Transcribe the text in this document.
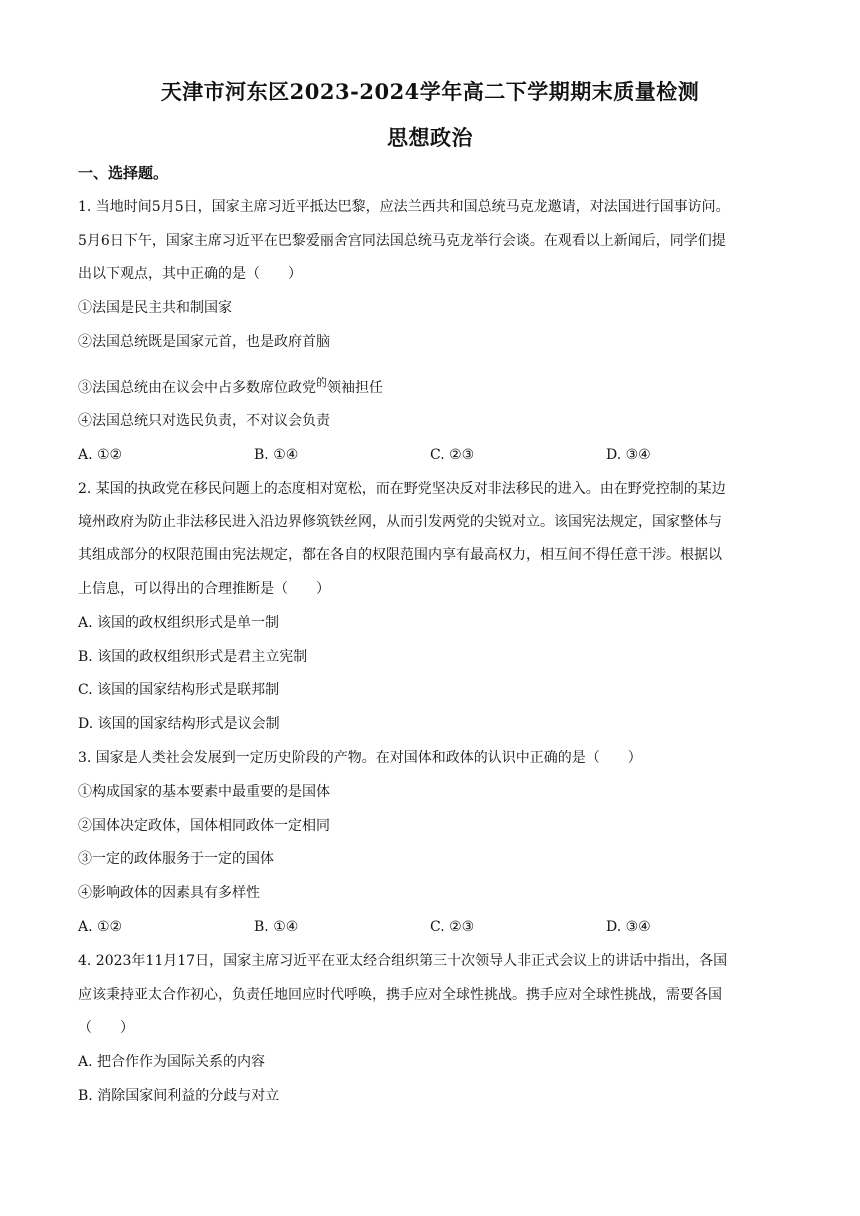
天津市河东区2023-2024学年高二下学期期末质量检测
思想政治
一、选择题。
1. 当地时间5月5日，国家主席习近平抵达巴黎，应法兰西共和国总统马克龙邀请，对法国进行国事访问。
5月6日下午，国家主席习近平在巴黎爱丽舍宫同法国总统马克龙举行会谈。在观看以上新闻后，同学们提
出以下观点，其中正确的是（　　）
①法国是民主共和制国家
②法国总统既是国家元首，也是政府首脑
③法国总统由在议会中占多数席位政党$^的$领袖担任
④法国总统只对选民负责，不对议会负责
A. ①②	B. ①④	C. ②③	D. ③④
2. 某国的执政党在移民问题上的态度相对宽松，而在野党坚决反对非法移民的进入。由在野党控制的某边
境州政府为防止非法移民进入沿边界修筑铁丝网，从而引发两党的尖锐对立。该国宪法规定，国家整体与
其组成部分的权限范围由宪法规定，都在各自的权限范围内享有最高权力，相互间不得任意干涉。根据以
上信息，可以得出的合理推断是（　　）
A. 该国的政权组织形式是单一制
B. 该国的政权组织形式是君主立宪制
C. 该国的国家结构形式是联邦制
D. 该国的国家结构形式是议会制
3. 国家是人类社会发展到一定历史阶段的产物。在对国体和政体的认识中正确的是（　　）
①构成国家的基本要素中最重要的是国体
②国体决定政体，国体相同政体一定相同
③一定的政体服务于一定的国体
④影响政体的因素具有多样性
A. ①②	B. ①④	C. ②③	D. ③④
4. 2023年11月17日，国家主席习近平在亚太经合组织第三十次领导人非正式会议上的讲话中指出，各国
应该秉持亚太合作初心，负责任地回应时代呼唤，携手应对全球性挑战。携手应对全球性挑战，需要各国
（　　）
A. 把合作作为国际关系的内容
B. 消除国家间利益的分歧与对立
